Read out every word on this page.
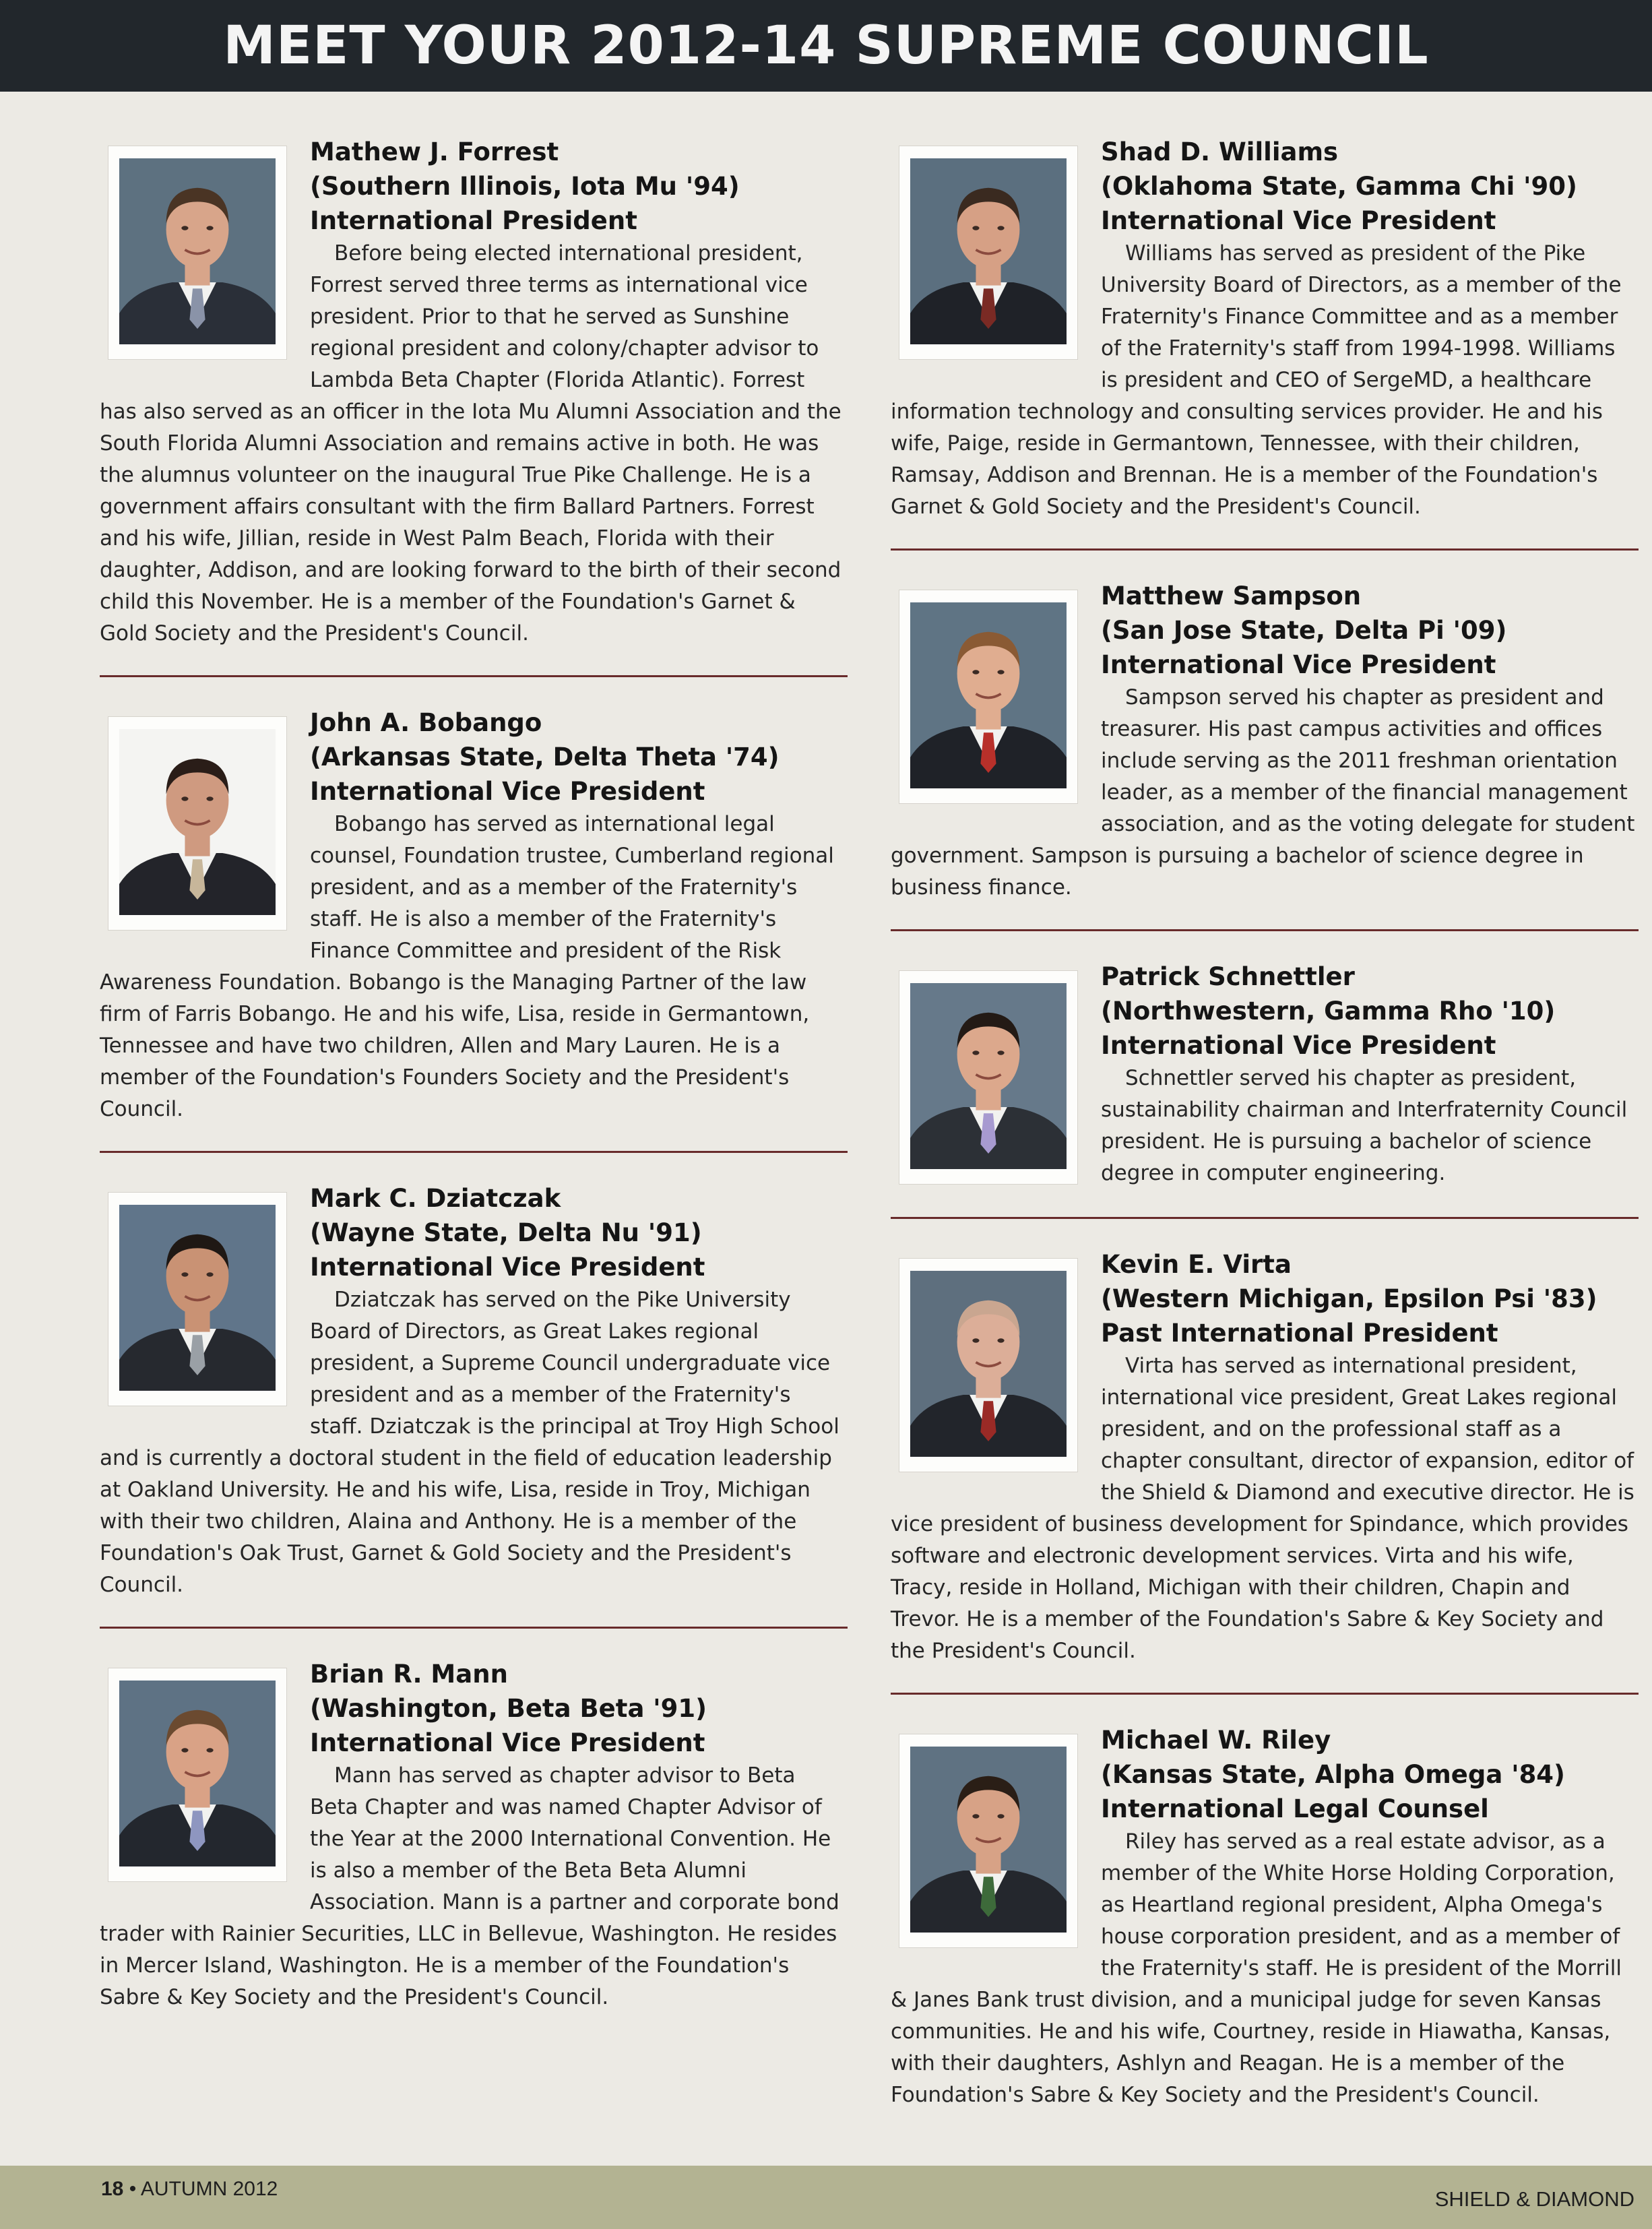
MEET YOUR 2012-14 SUPREME COUNCIL
Mathew J. Forrest
(Southern Illinois, Iota Mu '94)
International President

Before being elected international president, Forrest served three terms as international vice president. Prior to that he served as Sunshine regional president and colony/chapter advisor to Lambda Beta Chapter (Florida Atlantic). Forrest has also served as an officer in the Iota Mu Alumni Association and the South Florida Alumni Association and remains active in both. He was the alumnus volunteer on the inaugural True Pike Challenge. He is a government affairs consultant with the firm Ballard Partners. Forrest and his wife, Jillian, reside in West Palm Beach, Florida with their daughter, Addison, and are looking forward to the birth of their second child this November. He is a member of the Foundation's Garnet & Gold Society and the President's Council.

John A. Bobango
(Arkansas State, Delta Theta '74)
International Vice President

Bobango has served as international legal counsel, Foundation trustee, Cumberland regional president, and as a member of the Fraternity's staff. He is also a member of the Fraternity's Finance Committee and president of the Risk Awareness Foundation. Bobango is the Managing Partner of the law firm of Farris Bobango. He and his wife, Lisa, reside in Germantown, Tennessee and have two children, Allen and Mary Lauren. He is a member of the Foundation's Founders Society and the President's Council.

Mark C. Dziatczak
(Wayne State, Delta Nu '91)
International Vice President

Dziatczak has served on the Pike University Board of Directors, as Great Lakes regional president, a Supreme Council undergraduate vice president and as a member of the Fraternity's staff. Dziatczak is the principal at Troy High School and is currently a doctoral student in the field of education leadership at Oakland University. He and his wife, Lisa, reside in Troy, Michigan with their two children, Alaina and Anthony. He is a member of the Foundation's Oak Trust, Garnet & Gold Society and the President's Council.

Brian R. Mann
(Washington, Beta Beta '91)
International Vice President

Mann has served as chapter advisor to Beta Beta Chapter and was named Chapter Advisor of the Year at the 2000 International Convention. He is also a member of the Beta Beta Alumni Association. Mann is a partner and corporate bond trader with Rainier Securities, LLC in Bellevue, Washington. He resides in Mercer Island, Washington. He is a member of the Foundation's Sabre & Key Society and the President's Council.

Shad D. Williams
(Oklahoma State, Gamma Chi '90)
International Vice President

Williams has served as president of the Pike University Board of Directors, as a member of the Fraternity's Finance Committee and as a member of the Fraternity's staff from 1994-1998. Williams is president and CEO of SergeMD, a healthcare information technology and consulting services provider. He and his wife, Paige, reside in Germantown, Tennessee, with their children, Ramsay, Addison and Brennan. He is a member of the Foundation's Garnet & Gold Society and the President's Council.

Matthew Sampson
(San Jose State, Delta Pi '09)
International Vice President

Sampson served his chapter as president and treasurer. His past campus activities and offices include serving as the 2011 freshman orientation leader, as a member of the financial management association, and as the voting delegate for student government. Sampson is pursuing a bachelor of science degree in business finance.

Patrick Schnettler
(Northwestern, Gamma Rho '10)
International Vice President

Schnettler served his chapter as president, sustainability chairman and Interfraternity Council president. He is pursuing a bachelor of science degree in computer engineering.

Kevin E. Virta
(Western Michigan, Epsilon Psi '83)
Past International President

Virta has served as international president, international vice president, Great Lakes regional president, and on the professional staff as a chapter consultant, director of expansion, editor of the Shield & Diamond and executive director. He is vice president of business development for Spindance, which provides software and electronic development services. Virta and his wife, Tracy, reside in Holland, Michigan with their children, Chapin and Trevor. He is a member of the Foundation's Sabre & Key Society and the President's Council.

Michael W. Riley
(Kansas State, Alpha Omega '84)
International Legal Counsel

Riley has served as a real estate advisor, as a member of the White Horse Holding Corporation, as Heartland regional president, Alpha Omega's house corporation president, and as a member of the Fraternity's staff. He is president of the Morrill & Janes Bank trust division, and a municipal judge for seven Kansas communities. He and his wife, Courtney, reside in Hiawatha, Kansas, with their daughters, Ashlyn and Reagan. He is a member of the Foundation's Sabre & Key Society and the President's Council.

18 • AUTUMN 2012	SHIELD & DIAMOND
